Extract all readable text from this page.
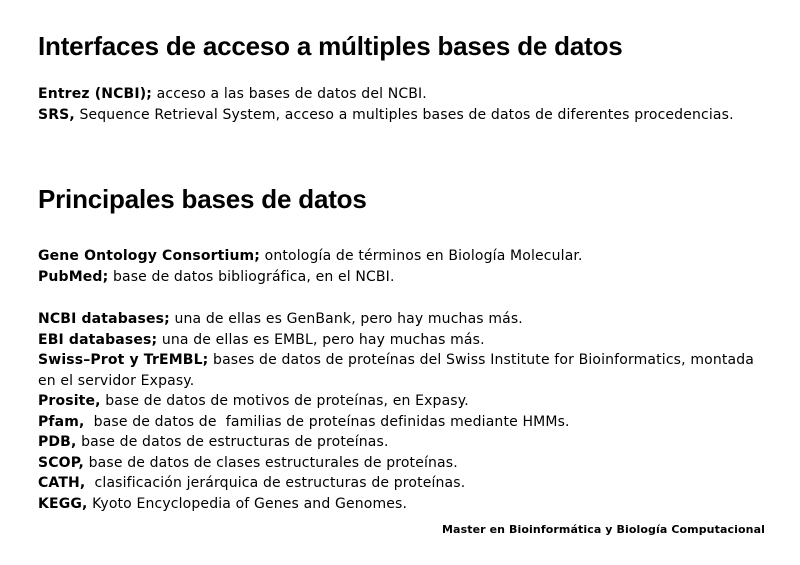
Interfaces de acceso a múltiples bases de datos

Entrez (NCBI); acceso a las bases de datos del NCBI.

SRS, Sequence Retrieval System, acceso a multiples bases de datos de diferentes procedencias.

Principales bases de datos

Gene Ontology Consortium; ontología de términos en Biología Molecular.

PubMed; base de datos bibliográfica, en el NCBI.

NCBI databases; una de ellas es GenBank, pero hay muchas más.

EBI databases; una de ellas es EMBL, pero hay muchas más.

Swiss–Prot y TrEMBL; bases de datos de proteínas del Swiss Institute for Bioinformatics, montada en el servidor Expasy.

Prosite, base de datos de motivos de proteínas, en Expasy.

Pfam,  base de datos de  familias de proteínas definidas mediante HMMs.

PDB, base de datos de estructuras de proteínas.

SCOP, base de datos de clases estructurales de proteínas.

CATH,  clasificación jerárquica de estructuras de proteínas.

KEGG, Kyoto Encyclopedia of Genes and Genomes.

Master en Bioinformática y Biología Computacional
